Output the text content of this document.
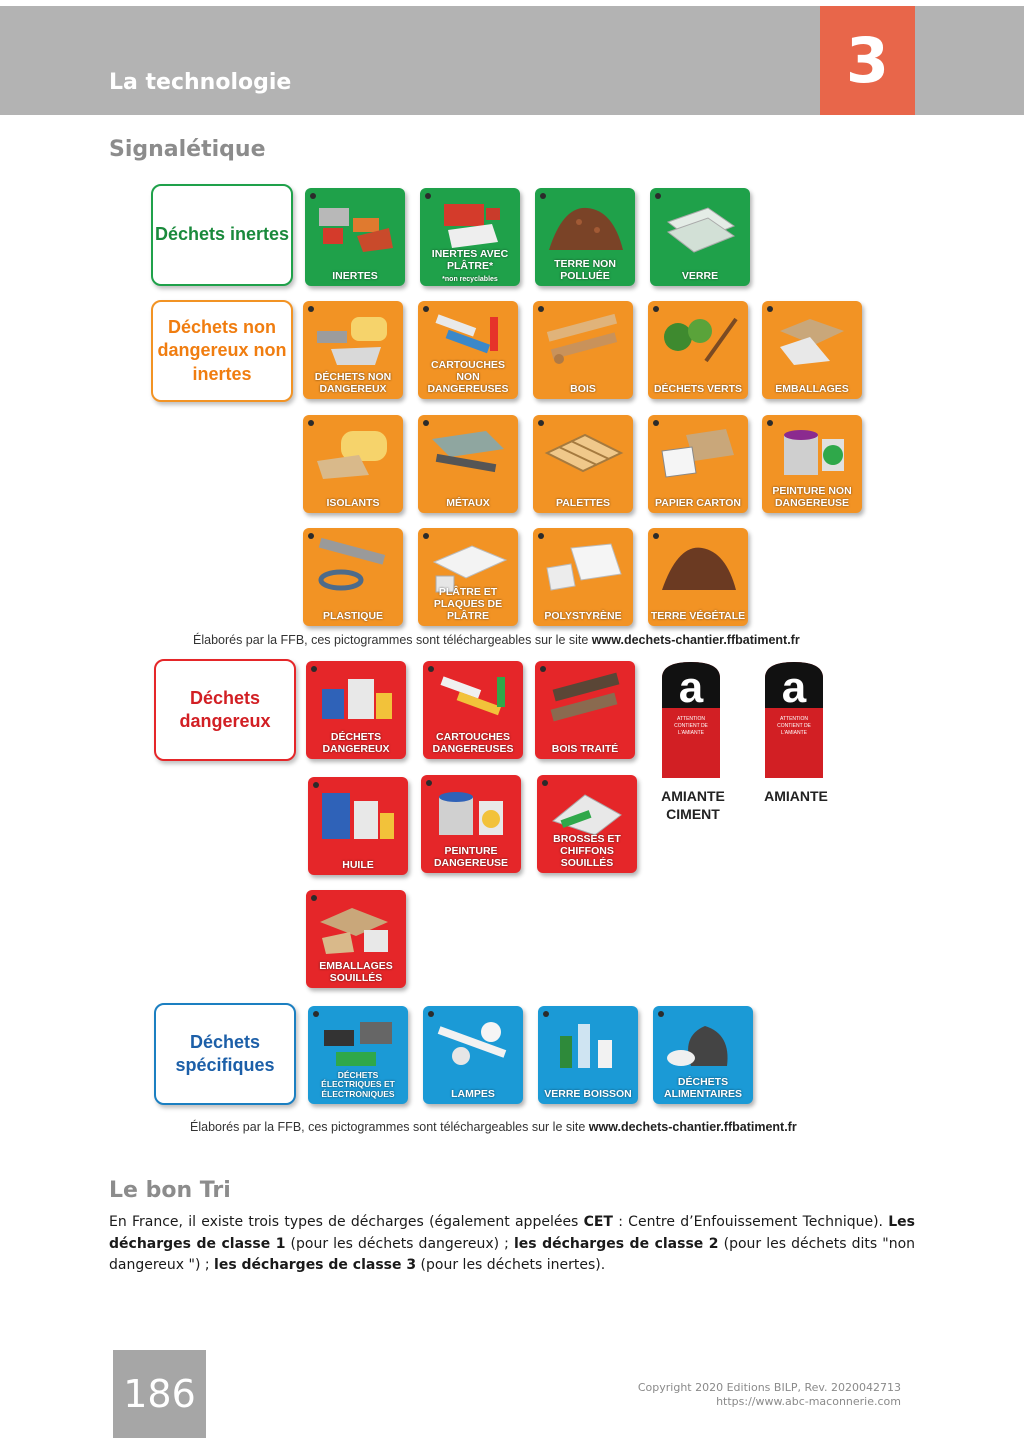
La technologie	3
Signalétique
Déchets inertes
INERTES
INERTES AVEC PLÂTRE*
*non recyclables
TERRE NON POLLUÉE	VERRE
Déchets non dangereux non inertes	DÉCHETS NON DANGEREUX
CARTOUCHES NON DANGEREUSES	BOIS	DÉCHETS VERTS	EMBALLAGES
ISOLANTS	MÉTAUX	PALETTES	PAPIER CARTON
PEINTURE NON DANGEREUSE
PLASTIQUE
PLÂTRE ET PLAQUES DE PLÂTRE	POLYSTYRÈNE	TERRE VÉGÉTALE
Élaborés par la FFB, ces pictogrammes sont téléchargeables sur le site www.dechets-chantier.ffbatiment.fr
Déchets dangereux
DÉCHETS DANGEREUX
CARTOUCHES DANGEREUSES	BOIS TRAITÉ
a
ATTENTION
CONTIENT DE
L'AMIANTE
AMIANTE CIMENT
a
ATTENTION
CONTIENT DE
L'AMIANTE
AMIANTE
HUILE
PEINTURE DANGEREUSE
BROSSES ET CHIFFONS SOUILLÉS
EMBALLAGES SOUILLÉS
Déchets spécifiques	DÉCHETS ÉLECTRIQUES ET ÉLECTRONIQUES	LAMPES	VERRE BOISSON
DÉCHETS ALIMENTAIRES
Élaborés par la FFB, ces pictogrammes sont téléchargeables sur le site www.dechets-chantier.ffbatiment.fr
Le bon Tri
En France, il existe trois types de décharges (également appelées CET : Centre d’Enfouissement Technique). Les décharges de classe 1 (pour les déchets dangereux) ; les décharges de classe 2 (pour les déchets dits "non dangereux ") ; les décharges de classe 3 (pour les déchets inertes).
186	Copyright 2020 Editions BILP, Rev. 2020042713
https://www.abc-maconnerie.com
